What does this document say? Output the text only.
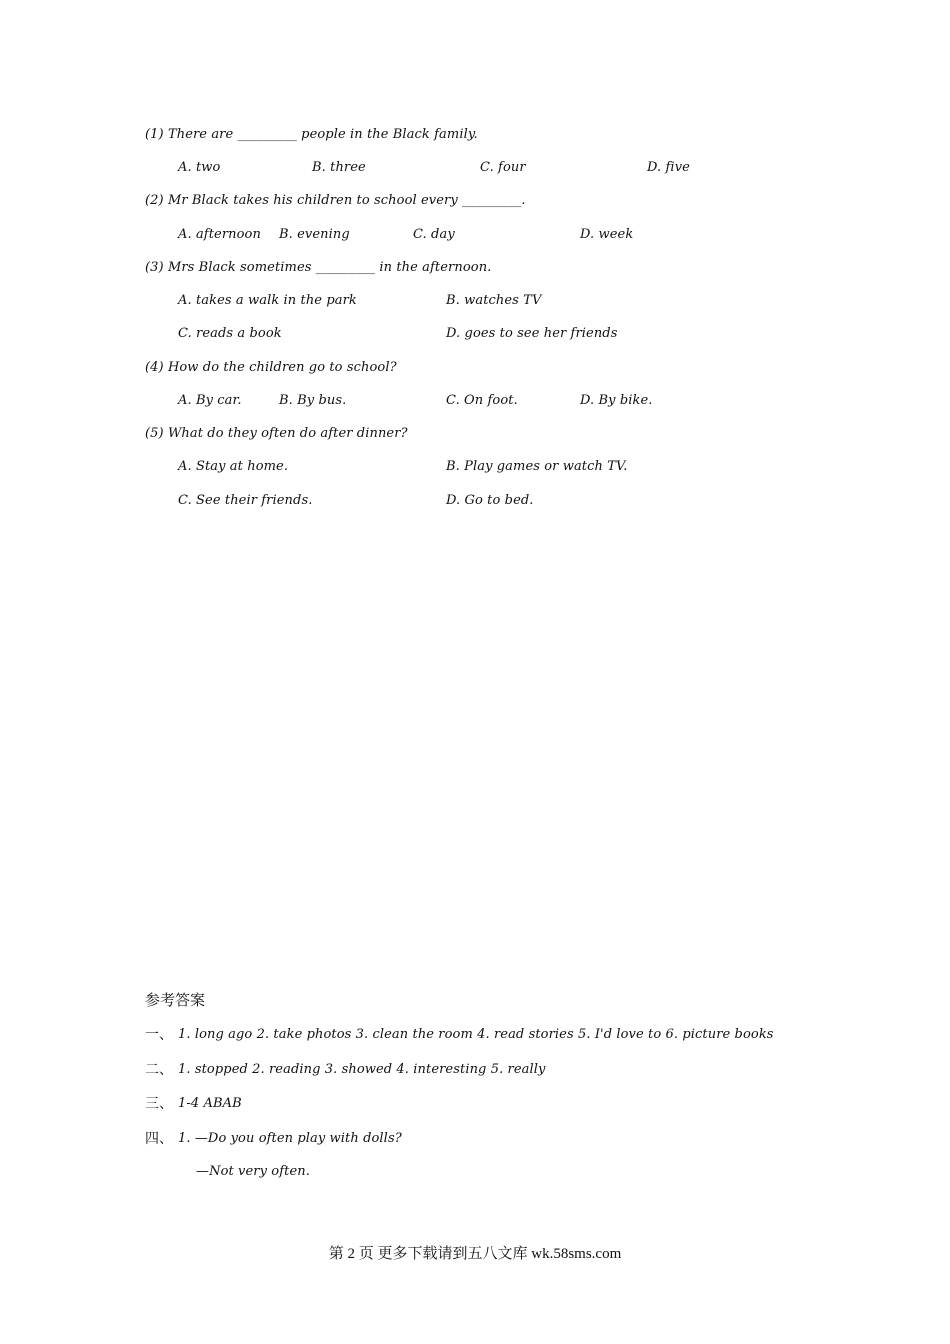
(1) There are _________ people in the Black family.
A. two	B. three	C. four	D. five
(2) Mr Black takes his children to school every _________.
A. afternoon B. evening	C. day	D. week
(3) Mrs Black sometimes _________ in the afternoon.
A. takes a walk in the park	B. watches TV
C. reads a book	D. goes to see her friends
(4) How do the children go to school?
A. By car.	B. By bus.	C. On foot.	D. By bike.
(5) What do they often do after dinner?
A. Stay at home.	B. Play games or watch TV.
C. See their friends.	D. Go to bed.
参考答案
一、 1. long ago 2. take photos 3. clean the room 4. read stories 5. I'd love to 6. picture books
二、 1. stopped 2. reading 3. showed 4. interesting 5. really
三、 1-4 ABAB
四、 1. —Do you often play with dolls?
—Not very often.
第 2 页 更多下载请到五八文库 wk.58sms.com
